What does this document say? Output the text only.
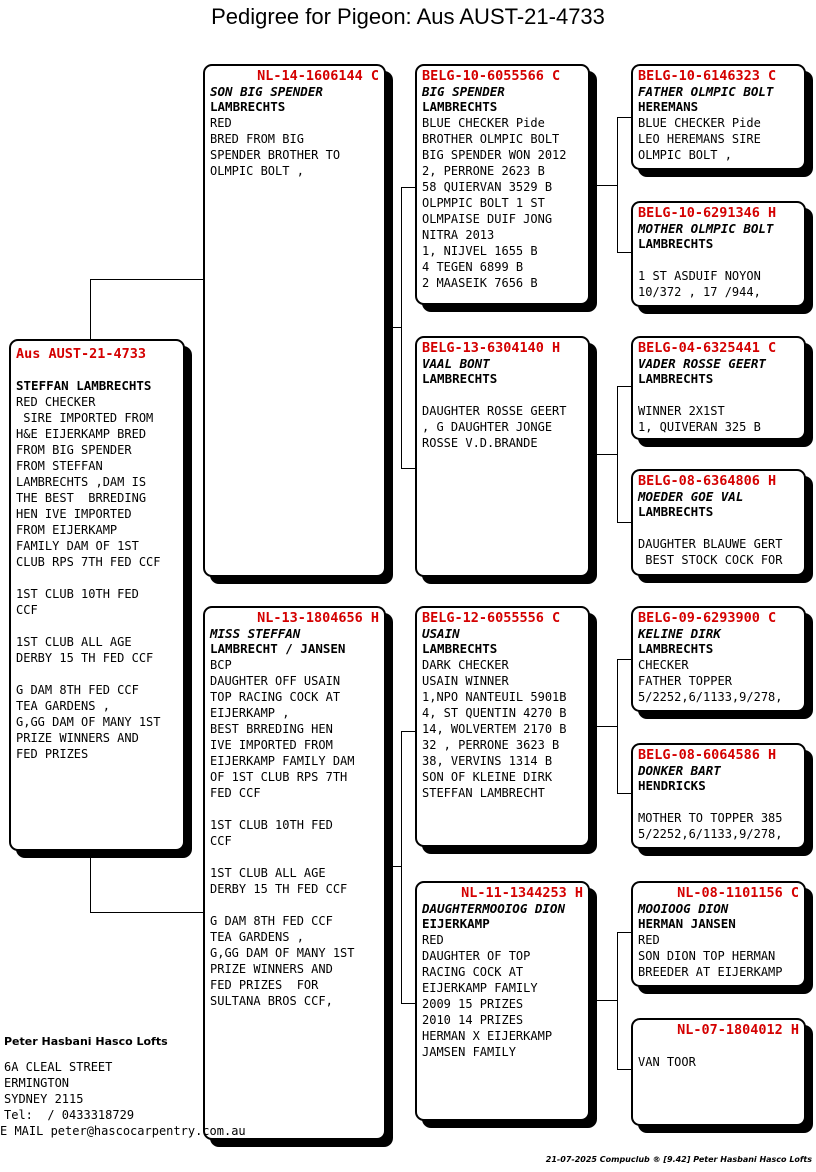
Pedigree for Pigeon: Aus AUST-21-4733
Aus AUST-21-4733
STEFFAN LAMBRECHTS
RED CHECKER
SIRE IMPORTED FROM
H&E EIJERKAMP BRED
FROM BIG SPENDER
FROM STEFFAN
LAMBRECHTS ,DAM IS
THE BEST  BRREDING
HEN IVE IMPORTED
FROM EIJERKAMP
FAMILY DAM OF 1ST
CLUB RPS 7TH FED CCF
1ST CLUB 10TH FED
CCF
1ST CLUB ALL AGE
DERBY 15 TH FED CCF
G DAM 8TH FED CCF
TEA GARDENS ,
G,GG DAM OF MANY 1ST
PRIZE WINNERS AND
FED PRIZES
NL-14-1606144 C
SON BIG SPENDER
LAMBRECHTS
RED
BRED FROM BIG
SPENDER BROTHER TO
OLMPIC BOLT ,
NL-13-1804656 H
MISS STEFFAN
LAMBRECHT / JANSEN
BCP
DAUGHTER OFF USAIN
TOP RACING COCK AT
EIJERKAMP ,
BEST BRREDING HEN
IVE IMPORTED FROM
EIJERKAMP FAMILY DAM
OF 1ST CLUB RPS 7TH
FED CCF
1ST CLUB 10TH FED
CCF
1ST CLUB ALL AGE
DERBY 15 TH FED CCF
G DAM 8TH FED CCF
TEA GARDENS ,
G,GG DAM OF MANY 1ST
PRIZE WINNERS AND
FED PRIZES  FOR
SULTANA BROS CCF,
BELG-10-6055566 C
BIG SPENDER
LAMBRECHTS
BLUE CHECKER Pide
BROTHER OLMPIC BOLT
BIG SPENDER WON 2012
2, PERRONE 2623 B
58 QUIERVAN 3529 B
OLPMPIC BOLT 1 ST
OLMPAISE DUIF JONG
NITRA 2013
1, NIJVEL 1655 B
4 TEGEN 6899 B
2 MAASEIK 7656 B
BELG-13-6304140 H
VAAL BONT
LAMBRECHTS
DAUGHTER ROSSE GEERT
, G DAUGHTER JONGE
ROSSE V.D.BRANDE
BELG-12-6055556 C
USAIN
LAMBRECHTS
DARK CHECKER
USAIN WINNER
1,NPO NANTEUIL 5901B
4, ST QUENTIN 4270 B
14, WOLVERTEM 2170 B
32 , PERRONE 3623 B
38, VERVINS 1314 B
SON OF KLEINE DIRK
STEFFAN LAMBRECHT
NL-11-1344253 H
DAUGHTERMOOIOG DION
EIJERKAMP
RED
DAUGHTER OF TOP
RACING COCK AT
EIJERKAMP FAMILY
2009 15 PRIZES
2010 14 PRIZES
HERMAN X EIJERKAMP
JAMSEN FAMILY
BELG-10-6146323 C
FATHER OLMPIC BOLT
HEREMANS
BLUE CHECKER Pide
LEO HEREMANS SIRE
OLMPIC BOLT ,
BELG-10-6291346 H
MOTHER OLMPIC BOLT
LAMBRECHTS
1 ST ASDUIF NOYON
10/372 , 17 /944,
BELG-04-6325441 C
VADER ROSSE GEERT
LAMBRECHTS
WINNER 2X1ST
1, QUIVERAN 325 B
BELG-08-6364806 H
MOEDER GOE VAL
LAMBRECHTS
DAUGHTER BLAUWE GERT
BEST STOCK COCK FOR
BELG-09-6293900 C
KELINE DIRK
LAMBRECHTS
CHECKER
FATHER TOPPER
5/2252,6/1133,9/278,
BELG-08-6064586 H
DONKER BART
HENDRICKS
MOTHER TO TOPPER 385
5/2252,6/1133,9/278,
NL-08-1101156 C
MOOIOOG DION
HERMAN JANSEN
RED
SON DION TOP HERMAN
BREEDER AT EIJERKAMP
NL-07-1804012 H
VAN TOOR
Peter Hasbani Hasco Lofts
6A CLEAL STREET
ERMINGTON
SYDNEY 2115
Tel:  / 0433318729
E MAIL peter@hascocarpentry.com.au
21-07-2025 Compuclub ® [9.42] Peter Hasbani Hasco Lofts
